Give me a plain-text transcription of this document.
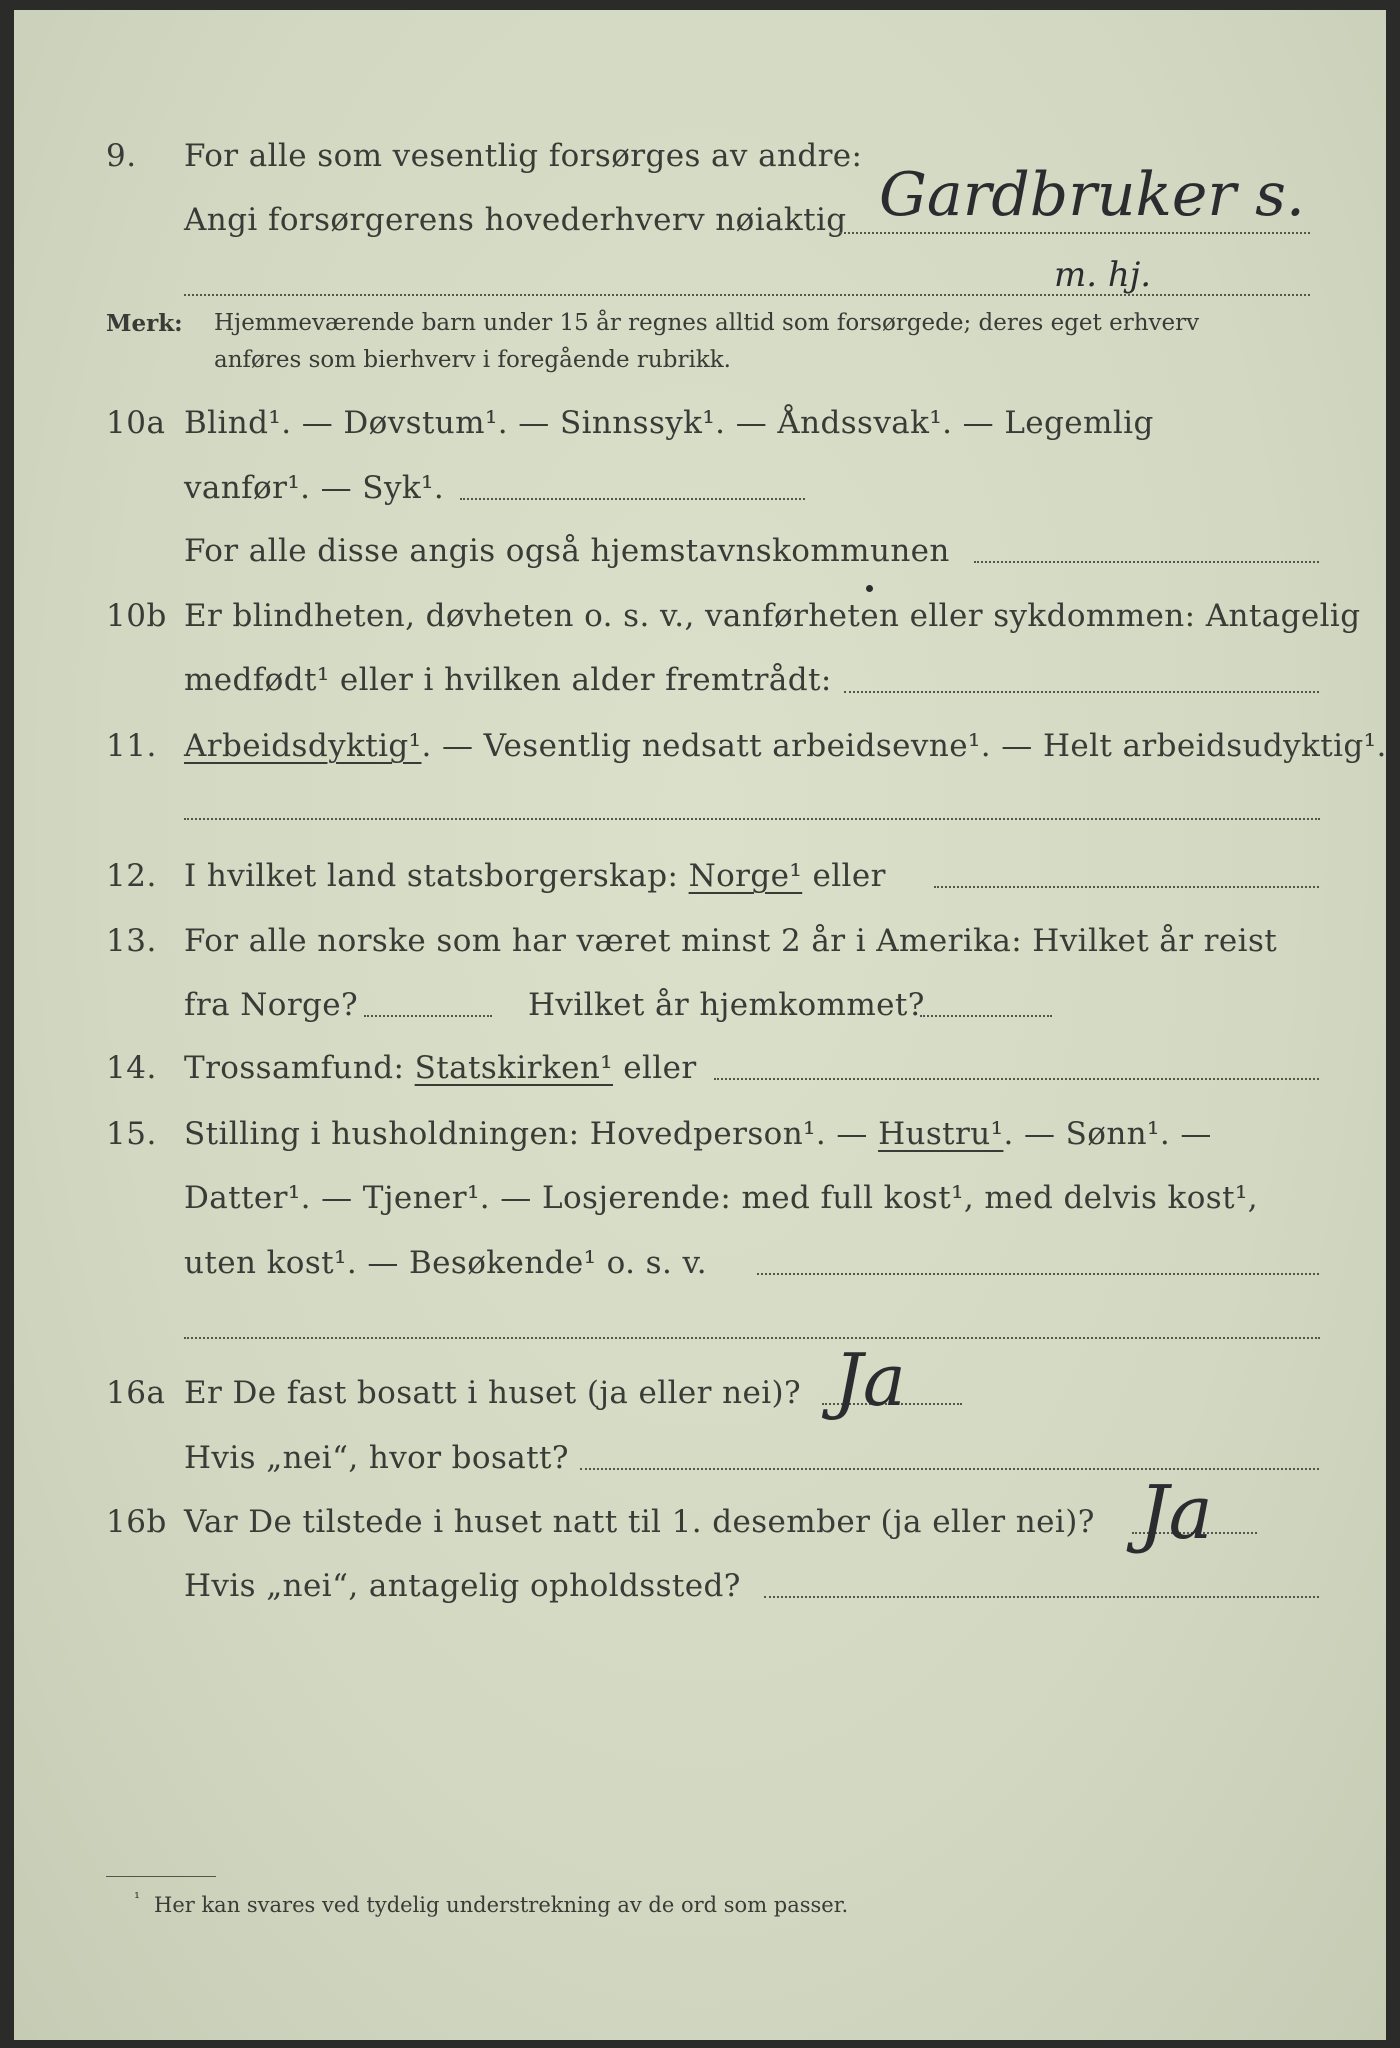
9. For alle som vesentlig forsørges av andre:
Angi forsørgerens hovederhverv nøiaktig Gardbruker s.
m. hj.
Merk: Hjemmeværende barn under 15 år regnes alltid som forsørgede; deres eget erhverv
anføres som bierhverv i foregående rubrikk.
10a Blind¹. — Døvstum¹. — Sinnssyk¹. — Åndssvak¹. — Legemlig
vanfør¹. — Syk¹.
For alle disse angis også hjemstavnskommunen
10b Er blindheten, døvheten o. s. v., vanførheten eller sykdommen: Antagelig
medfødt¹ eller i hvilken alder fremtrådt:
11. Arbeidsdyktig¹. — Vesentlig nedsatt arbeidsevne¹. — Helt arbeidsudyktig¹.
12. I hvilket land statsborgerskap: Norge¹ eller
13. For alle norske som har været minst 2 år i Amerika: Hvilket år reist
fra Norge?	Hvilket år hjemkommet?
14. Trossamfund: Statskirken¹ eller
15. Stilling i husholdningen: Hovedperson¹. — Hustru¹. — Sønn¹. —
Datter¹. — Tjener¹. — Losjerende: med full kost¹, med delvis kost¹,
uten kost¹. — Besøkende¹ o. s. v.
16a Er De fast bosatt i huset (ja eller nei)? Ja
Hvis „nei“, hvor bosatt?
16b Var De tilstede i huset natt til 1. desember (ja eller nei)? Ja
Hvis „nei“, antagelig opholdssted?
¹ Her kan svares ved tydelig understrekning av de ord som passer.
